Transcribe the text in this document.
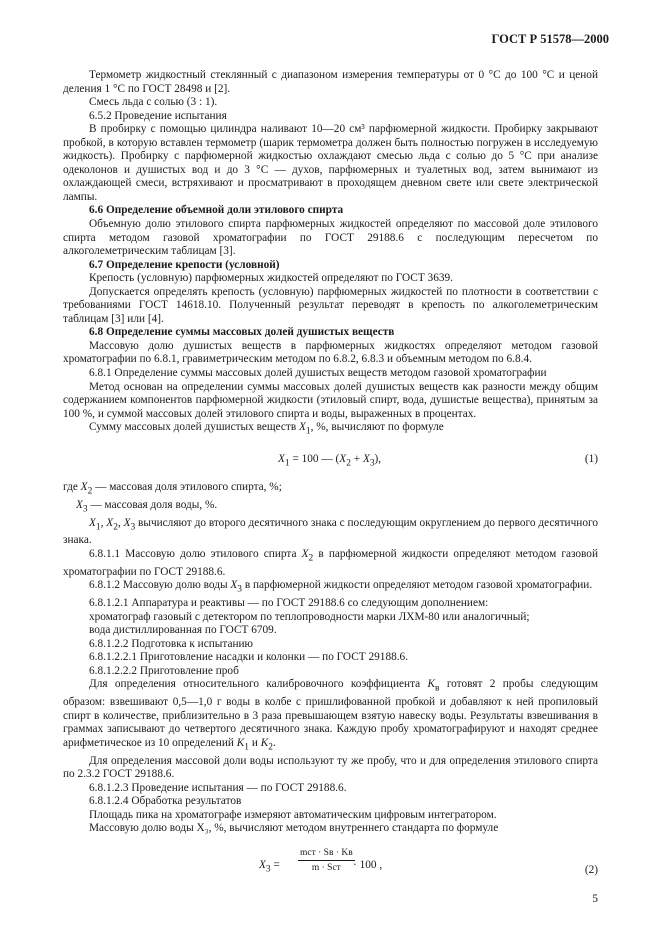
ГОСТ Р 51578—2000

Термометр жидкостный стеклянный с диапазоном измерения температуры от 0 °С до 100 °С и ценой деления 1 °С по ГОСТ 28498 и [2].

Смесь льда с солью (3 : 1).

6.5.2 Проведение испытания

В пробирку с помощью цилиндра наливают 10—20 см³ парфюмерной жидкости. Пробирку закрывают пробкой, в которую вставлен термометр (шарик термометра должен быть полностью погружен в исследуемую жидкость). Пробирку с парфюмерной жидкостью охлаждают смесью льда с солью до 5 °С при анализе одеколонов и душистых вод и до 3 °С — духов, парфюмерных и туалетных вод, затем вынимают из охлаждающей смеси, встряхивают и просматривают в проходящем дневном свете или свете электрической лампы.

6.6 Определение объемной доли этилового спирта

Объемную долю этилового спирта парфюмерных жидкостей определяют по массовой доле этилового спирта методом газовой хроматографии по ГОСТ 29188.6 с последующим пересчетом по алкоголеметрическим таблицам [3].

6.7 Определение крепости (условной)

Крепость (условную) парфюмерных жидкостей определяют по ГОСТ 3639.

Допускается определять крепость (условную) парфюмерных жидкостей по плотности в соответствии с требованиями ГОСТ 14618.10. Полученный результат переводят в крепость по алкоголеметрическим таблицам [3] или [4].

6.8 Определение суммы массовых долей душистых веществ

Массовую долю душистых веществ в парфюмерных жидкостях определяют методом газовой хроматографии по 6.8.1, гравиметрическим методом по 6.8.2, 6.8.3 и объемным методом по 6.8.4.

6.8.1 Определение суммы массовых долей душистых веществ методом газовой хроматографии

Метод основан на определении суммы массовых долей душистых веществ как разности между общим содержанием компонентов парфюмерной жидкости (этиловый спирт, вода, душистые вещества), принятым за 100 %, и суммой массовых долей этилового спирта и воды, выраженных в процентах.

Сумму массовых долей душистых веществ $X_1$, %, вычисляют по формуле

$X_1 = 100$ — $(X_2 + X_3)$,	(1)

где $X_2$ — массовая доля этилового спирта, %;

$X_3$ — массовая доля воды, %.

$X_1$, $X_2$, $X_3$ вычисляют до второго десятичного знака с последующим округлением до первого десятичного знака.

6.8.1.1 Массовую долю этилового спирта $X_2$ в парфюмерной жидкости определяют методом газовой хроматографии по ГОСТ 29188.6.

6.8.1.2 Массовую долю воды $X_3$ в парфюмерной жидкости определяют методом газовой хроматографии.

6.8.1.2.1 Аппаратура и реактивы — по ГОСТ 29188.6 со следующим дополнением:

хроматограф газовый с детектором по теплопроводности марки ЛХМ-80 или аналогичный;

вода дистиллированная по ГОСТ 6709.

6.8.1.2.2 Подготовка к испытанию

6.8.1.2.2.1 Приготовление насадки и колонки — по ГОСТ 29188.6.

6.8.1.2.2.2 Приготовление проб

Для определения относительного калибровочного коэффициента $K_в$ готовят 2 пробы следующим образом: взвешивают 0,5—1,0 г воды в колбе с пришлифованной пробкой и добавляют к ней пропиловый спирт в количестве, приблизительно в 3 раза превышающем взятую навеску воды. Результаты взвешивания в граммах записывают до четвертого десятичного знака. Каждую пробу хроматографируют и находят среднее арифметическое из 10 определений $K_1$ и $K_2$.

Для определения массовой доли воды используют ту же пробу, что и для определения этилового спирта по 2.3.2 ГОСТ 29188.6.

6.8.1.2.3 Проведение испытания — по ГОСТ 29188.6.

6.8.1.2.4 Обработка результатов

Площадь пика на хроматографе измеряют автоматическим цифровым интегратором.

Массовую долю воды X₃, %, вычисляют методом внутреннего стандарта по формуле

$X_3$ =
mст · Sв · Kв
m · Sст	· 100 ,	(2)
5
